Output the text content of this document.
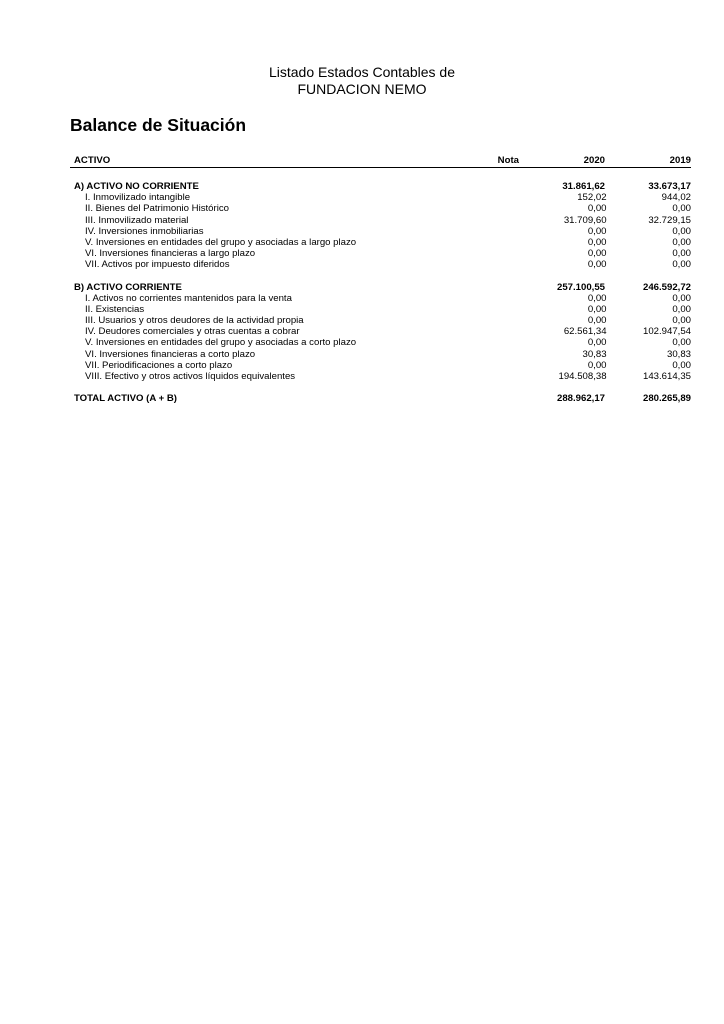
Listado Estados Contables de
FUNDACION NEMO
Balance de Situación
ACTIVO	Nota	2020	2019
A) ACTIVO NO CORRIENTE	31.861,62	33.673,17
I. Inmovilizado intangible	152,02	944,02
II. Bienes del Patrimonio Histórico	0,00	0,00
III. Inmovilizado material	31.709,60	32.729,15
IV. Inversiones inmobiliarias	0,00	0,00
V. Inversiones en entidades del grupo y asociadas a largo plazo	0,00	0,00
VI. Inversiones financieras a largo plazo	0,00	0,00
VII. Activos por impuesto diferidos	0,00	0,00
B) ACTIVO CORRIENTE	257.100,55	246.592,72
I. Activos no corrientes mantenidos para la venta	0,00	0,00
II. Existencias	0,00	0,00
III. Usuarios y otros deudores de la actividad propia	0,00	0,00
IV. Deudores comerciales y otras cuentas a cobrar	62.561,34	102.947,54
V. Inversiones en entidades del grupo y asociadas a corto plazo	0,00	0,00
VI. Inversiones financieras a corto plazo	30,83	30,83
VII. Periodificaciones a corto plazo	0,00	0,00
VIII. Efectivo y otros activos líquidos equivalentes	194.508,38	143.614,35
TOTAL ACTIVO (A + B)	288.962,17	280.265,89
